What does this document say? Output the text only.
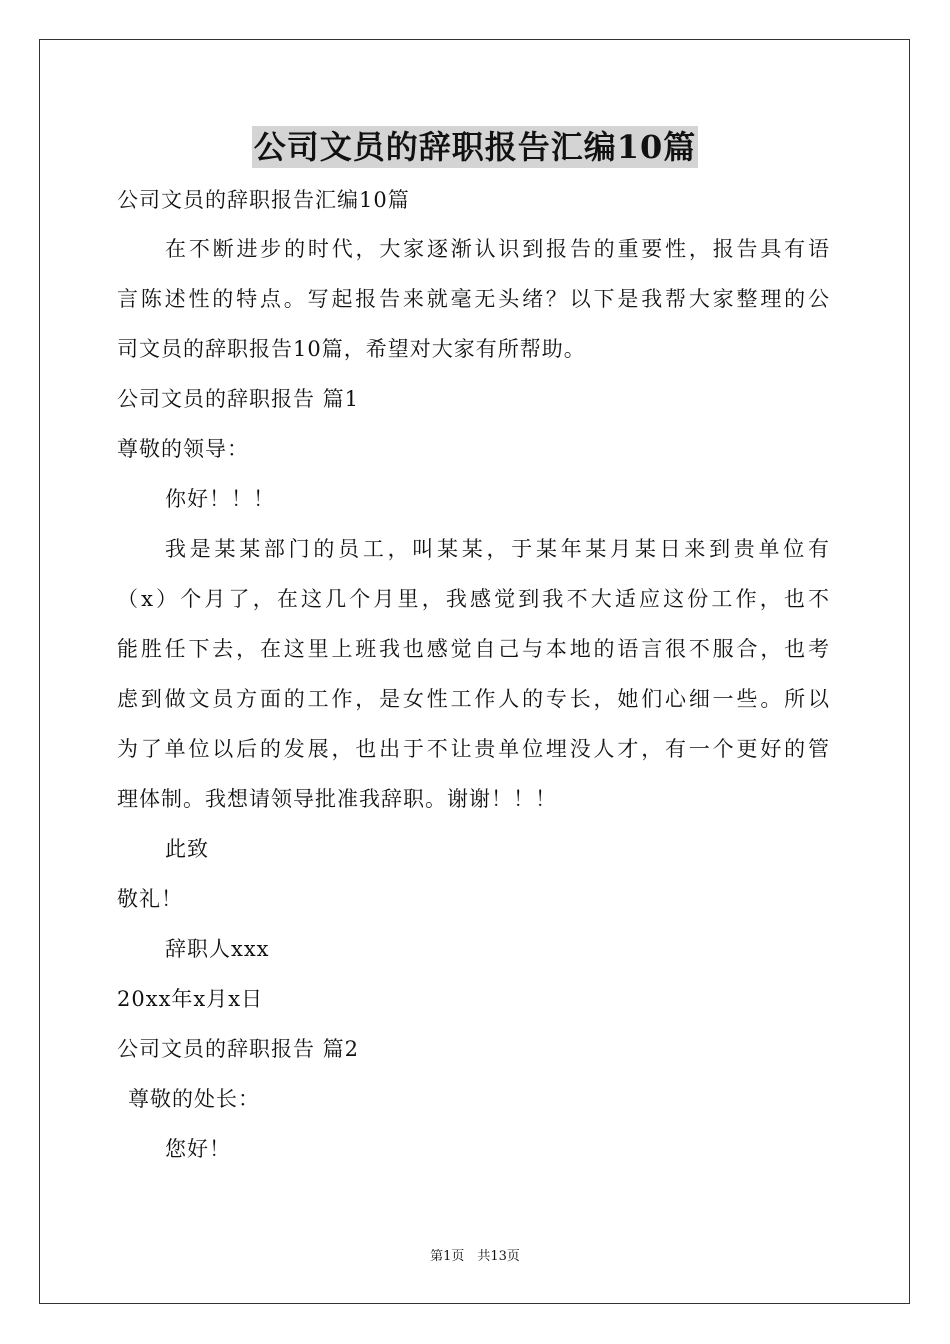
公司文员的辞职报告汇编10篇
公司文员的辞职报告汇编10篇
在不断进步的时代，大家逐渐认识到报告的重要性，报告具有语
言陈述性的特点。写起报告来就毫无头绪？以下是我帮大家整理的公
司文员的辞职报告10篇，希望对大家有所帮助。
公司文员的辞职报告 篇1
尊敬的领导：
你好！！！
我是某某部门的员工，叫某某，于某年某月某日来到贵单位有
（x）个月了，在这几个月里，我感觉到我不大适应这份工作，也不
能胜任下去，在这里上班我也感觉自己与本地的语言很不服合，也考
虑到做文员方面的工作，是女性工作人的专长，她们心细一些。所以
为了单位以后的发展，也出于不让贵单位埋没人才，有一个更好的管
理体制。我想请领导批准我辞职。谢谢！！！
此致
敬礼！
辞职人xxx
20xx年x月x日
公司文员的辞职报告 篇2
尊敬的处长：
您好！
第1页　共13页
